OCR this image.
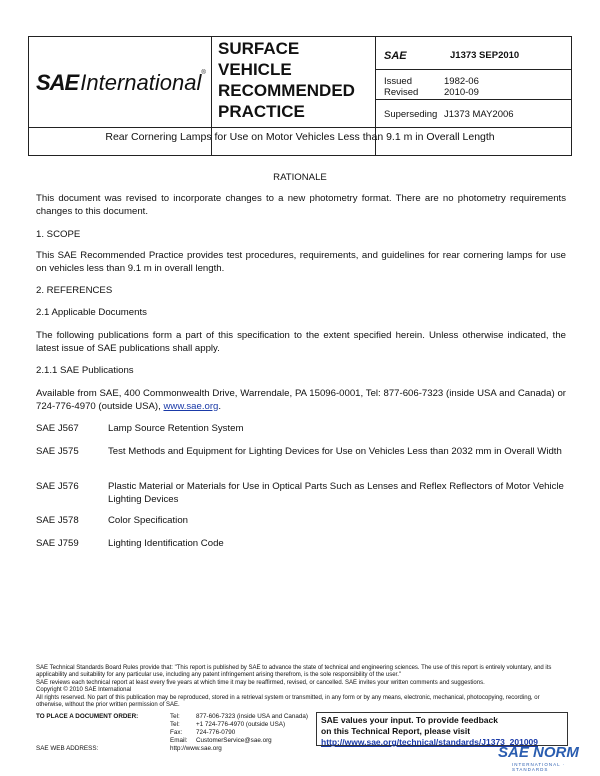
SAEInternational®
SURFACE
VEHICLE
RECOMMENDED
PRACTICE
SAE	J1373 SEP2010
Issued	1982-06
Revised	2010-09
Superseding J1373 MAY2006
Rear Cornering Lamps for Use on Motor Vehicles Less than 9.1 m in Overall Length
RATIONALE
This document was revised to incorporate changes to a new photometry format. There are no photometry requirements changes to this document.
1. SCOPE
This SAE Recommended Practice provides test procedures, requirements, and guidelines for rear cornering lamps for use on vehicles less than 9.1 m in overall length.
2. REFERENCES
2.1 Applicable Documents
The following publications form a part of this specification to the extent specified herein. Unless otherwise indicated, the latest issue of SAE publications shall apply.
2.1.1 SAE Publications
Available from SAE, 400 Commonwealth Drive, Warrendale, PA 15096-0001, Tel: 877-606-7323 (inside USA and Canada) or 724-776-4970 (outside USA), www.sae.org.
SAE J567	Lamp Source Retention System
SAE J575	Test Methods and Equipment for Lighting Devices for Use on Vehicles Less than 2032 mm in Overall Width
SAE J576	Plastic Material or Materials for Use in Optical Parts Such as Lenses and Reflex Reflectors of Motor Vehicle Lighting Devices
SAE J578	Color Specification
SAE J759	Lighting Identification Code
SAE Technical Standards Board Rules provide that: "This report is published by SAE to advance the state of technical and engineering sciences. The use of this report is entirely voluntary, and its applicability and suitability for any particular use, including any patent infringement arising therefrom, is the sole responsibility of the user."
SAE reviews each technical report at least every five years at which time it may be reaffirmed, revised, or cancelled. SAE invites your written comments and suggestions.
Copyright © 2010 SAE International
All rights reserved. No part of this publication may be reproduced, stored in a retrieval system or transmitted, in any form or by any means, electronic, mechanical, photocopying, recording, or otherwise, without the prior written permission of SAE.
TO PLACE A DOCUMENT ORDER:	Tel:	877-606-7323 (inside USA and Canada)
Tel:	+1 724-776-4970 (outside USA)
Fax: 724-776-0790
Email: CustomerService@sae.org
SAE WEB ADDRESS:	http://www.sae.org
SAE values your input. To provide feedback
on this Technical Report, please visit
http://www.sae.org/technical/standards/J1373_201009
SAE NORM
INTERNATIONAL · STANDARDS
